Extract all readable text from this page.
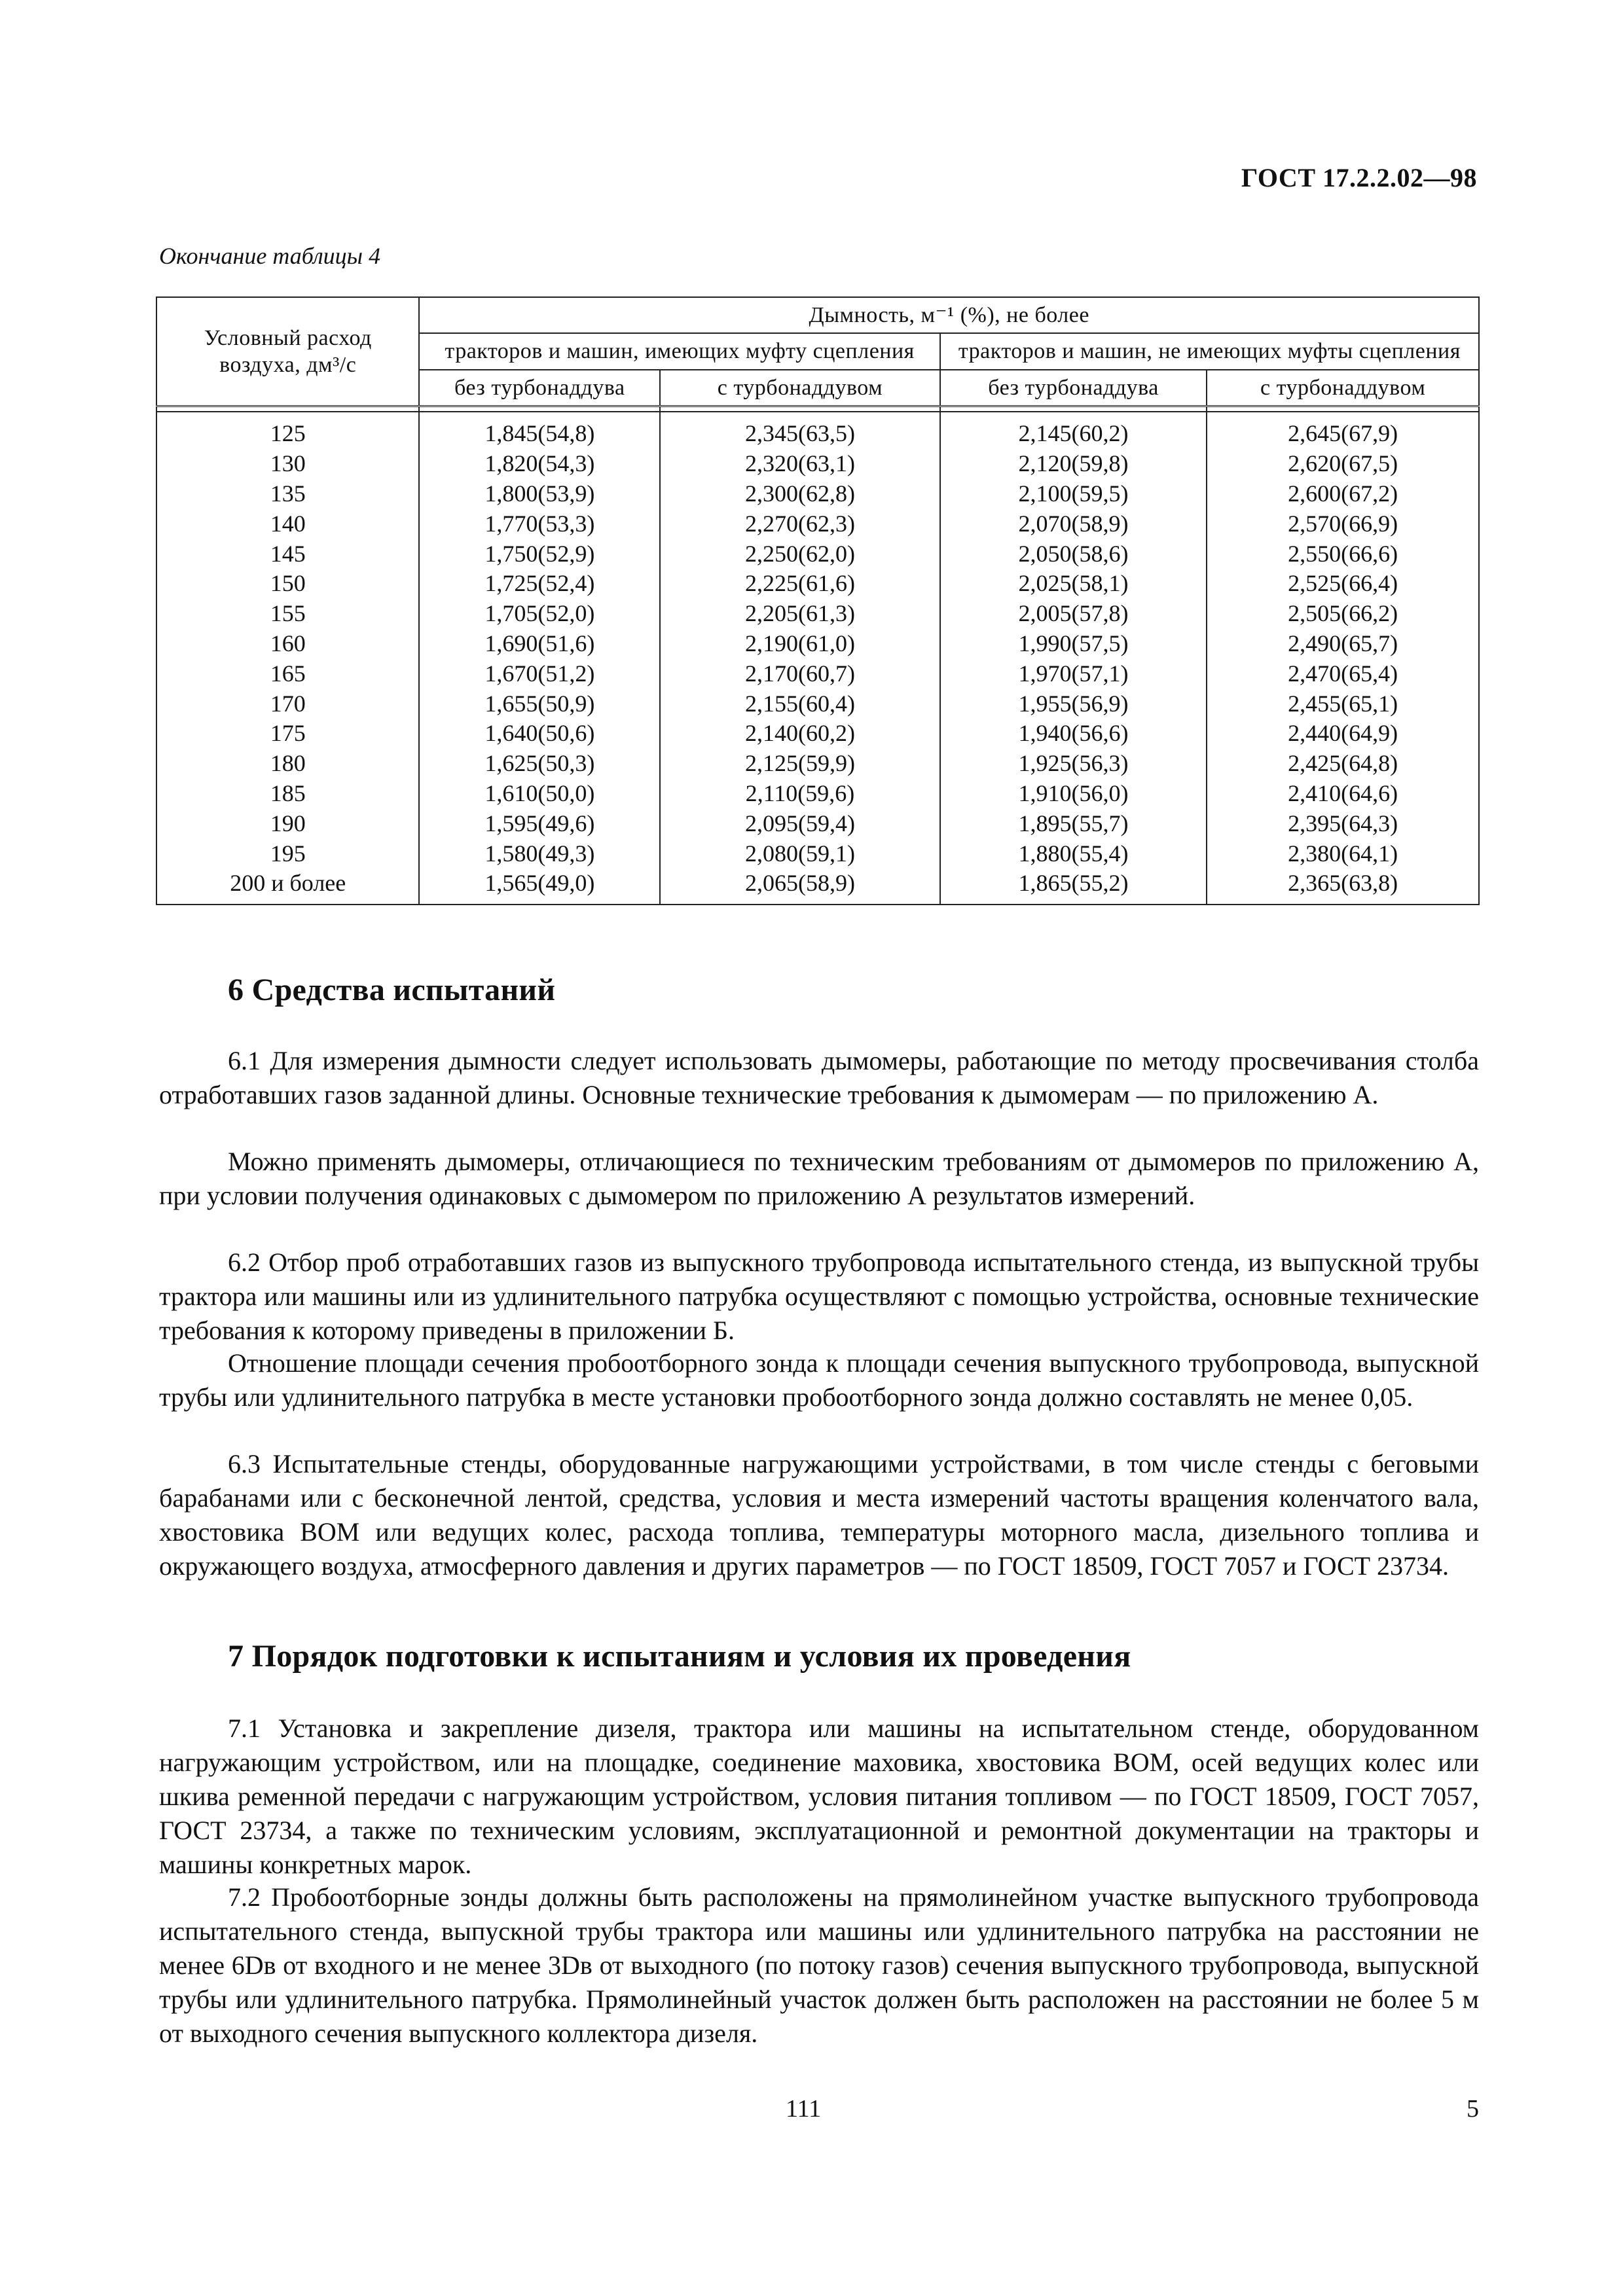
ГОСТ 17.2.2.02—98
Окончание таблицы 4
Условный расход воздуха, дм³/с	Дымность, м⁻¹ (%), не более			
	тракторов и машин, имеющих муфту сцепления		тракторов и машин, не имеющих муфты сцепления	
	без турбонаддува	с турбонаддувом	без турбонаддува	с турбонаддувом

125	1,845(54,8)	2,345(63,5)	2,145(60,2)	2,645(67,9)
130	1,820(54,3)	2,320(63,1)	2,120(59,8)	2,620(67,5)
135	1,800(53,9)	2,300(62,8)	2,100(59,5)	2,600(67,2)
140	1,770(53,3)	2,270(62,3)	2,070(58,9)	2,570(66,9)
145	1,750(52,9)	2,250(62,0)	2,050(58,6)	2,550(66,6)
150	1,725(52,4)	2,225(61,6)	2,025(58,1)	2,525(66,4)
155	1,705(52,0)	2,205(61,3)	2,005(57,8)	2,505(66,2)
160	1,690(51,6)	2,190(61,0)	1,990(57,5)	2,490(65,7)
165	1,670(51,2)	2,170(60,7)	1,970(57,1)	2,470(65,4)
170	1,655(50,9)	2,155(60,4)	1,955(56,9)	2,455(65,1)
175	1,640(50,6)	2,140(60,2)	1,940(56,6)	2,440(64,9)
180	1,625(50,3)	2,125(59,9)	1,925(56,3)	2,425(64,8)
185	1,610(50,0)	2,110(59,6)	1,910(56,0)	2,410(64,6)
190	1,595(49,6)	2,095(59,4)	1,895(55,7)	2,395(64,3)
195	1,580(49,3)	2,080(59,1)	1,880(55,4)	2,380(64,1)
200 и более	1,565(49,0)	2,065(58,9)	1,865(55,2)	2,365(63,8)
6 Средства испытаний
6.1 Для измерения дымности следует использовать дымомеры, работающие по методу просвечивания столба отработавших газов заданной длины. Основные технические требования к дымомерам — по приложению А.
Можно применять дымомеры, отличающиеся по техническим требованиям от дымомеров по приложению А, при условии получения одинаковых с дымомером по приложению А результатов измерений.
6.2 Отбор проб отработавших газов из выпускного трубопровода испытательного стенда, из выпускной трубы трактора или машины или из удлинительного патрубка осуществляют с помощью устройства, основные технические требования к которому приведены в приложении Б.
Отношение площади сечения пробоотборного зонда к площади сечения выпускного трубопровода, выпускной трубы или удлинительного патрубка в месте установки пробоотборного зонда должно составлять не менее 0,05.
6.3 Испытательные стенды, оборудованные нагружающими устройствами, в том числе стенды с беговыми барабанами или с бесконечной лентой, средства, условия и места измерений частоты вращения коленчатого вала, хвостовика ВОМ или ведущих колес, расхода топлива, температуры моторного масла, дизельного топлива и окружающего воздуха, атмосферного давления и других параметров — по ГОСТ 18509, ГОСТ 7057 и ГОСТ 23734.
7 Порядок подготовки к испытаниям и условия их проведения
7.1 Установка и закрепление дизеля, трактора или машины на испытательном стенде, оборудованном нагружающим устройством, или на площадке, соединение маховика, хвостовика ВОМ, осей ведущих колес или шкива ременной передачи с нагружающим устройством, условия питания топливом — по ГОСТ 18509, ГОСТ 7057, ГОСТ 23734, а также по техническим условиям, эксплуатационной и ремонтной документации на тракторы и машины конкретных марок.
7.2 Пробоотборные зонды должны быть расположены на прямолинейном участке выпускного трубопровода испытательного стенда, выпускной трубы трактора или машины или удлинительного патрубка на расстоянии не менее 6Dв от входного и не менее 3Dв от выходного (по потоку газов) сечения выпускного трубопровода, выпускной трубы или удлинительного патрубка. Прямолинейный участок должен быть расположен на расстоянии не более 5 м от выходного сечения выпускного коллектора дизеля.
111	5
